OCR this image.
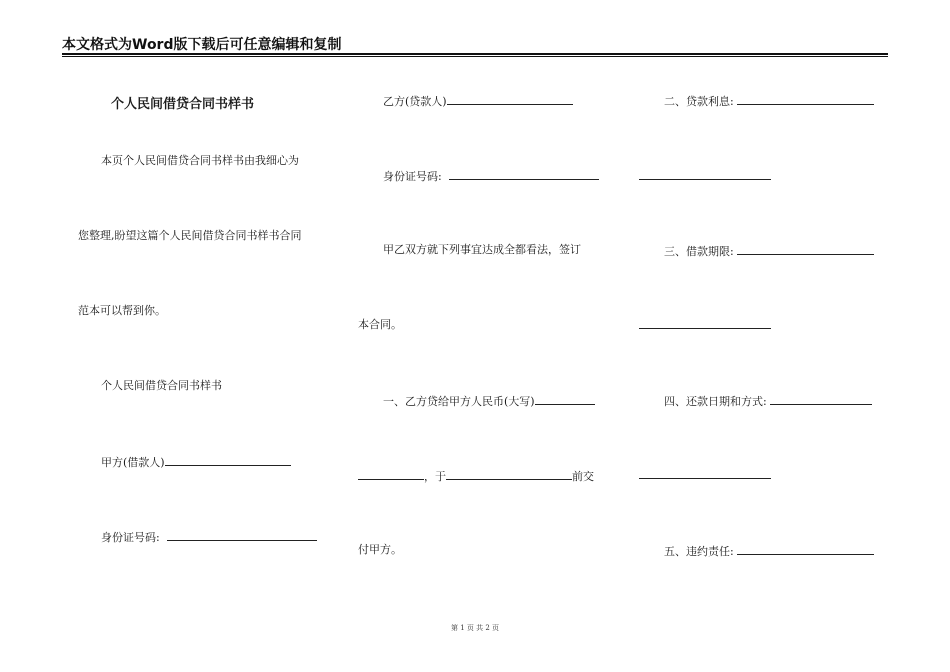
本文格式为Word版下载后可任意编辑和复制
个人民间借贷合同书样书
本页个人民间借贷合同书样书由我细心为
您整理,盼望这篇个人民间借贷合同书样书合同
范本可以帮到你。
个人民间借贷合同书样书
甲方(借款人)
身份证号码:
乙方(贷款人)
身份证号码:
甲乙双方就下列事宜达成全都看法，签订
本合同。
一、乙方贷给甲方人民币(大写)
，于	前交
付甲方。
二、贷款利息:
三、借款期限:
四、还款日期和方式:
五、违约责任:
第 1 页 共 2 页
